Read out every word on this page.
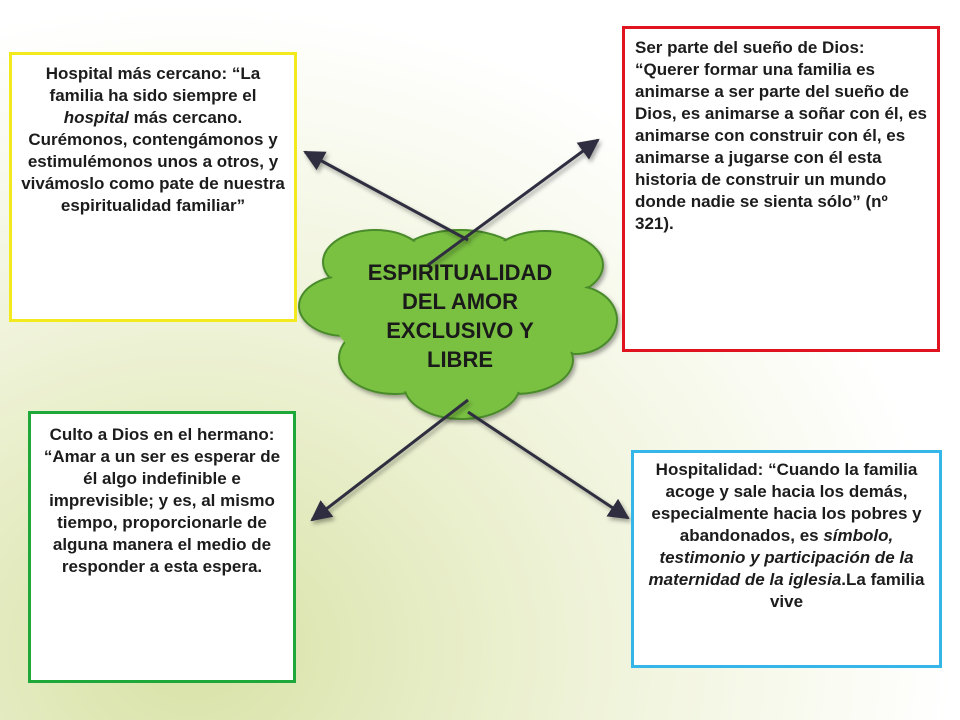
ESPIRITUALIDAD
DEL AMOR
EXCLUSIVO Y
LIBRE

Hospital más cercano: “La familia ha sido siempre el hospital más cercano. Curémonos, contengámonos y estimulémonos unos a otros, y vivámoslo como pate de nuestra espiritualidad familiar”

Ser parte del sueño de Dios: “Querer formar una familia es animarse a ser parte del sueño de Dios, es animarse a soñar con él, es animarse con construir con él, es animarse a jugarse con él esta historia de construir un mundo donde nadie se sienta sólo” (nº 321).

Culto a Dios en el hermano: “Amar a un ser es esperar de él algo indefinible e imprevisible; y es, al mismo tiempo, proporcionarle de alguna manera el medio de responder a esta espera.

Hospitalidad: “Cuando la familia acoge y sale hacia los demás, especialmente hacia los pobres y abandonados, es símbolo, testimonio y participación de la maternidad de la iglesia.La familia vive
